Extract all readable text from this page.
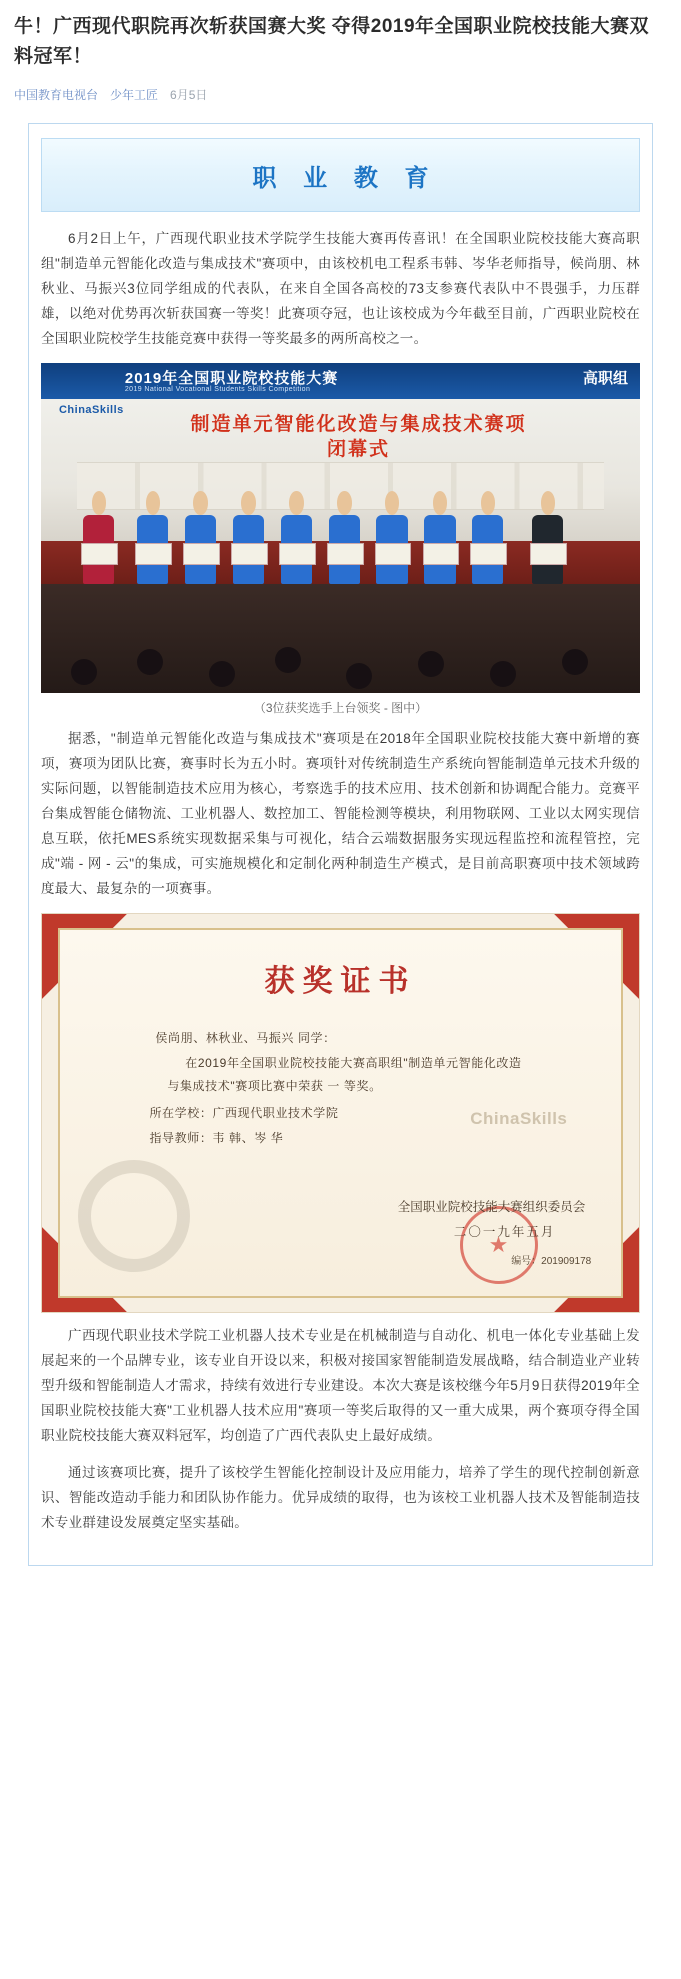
牛！广西现代职院再次斩获国赛大奖 夺得2019年全国职业院校技能大赛双料冠军！
中国教育电视台 少年工匠 6月5日
职 业 教 育

6月2日上午，广西现代职业技术学院学生技能大赛再传喜讯！在全国职业院校技能大赛高职组"制造单元智能化改造与集成技术"赛项中，由该校机电工程系韦韩、岑华老师指导，候尚朋、林秋业、马振兴3位同学组成的代表队，在来自全国各高校的73支参赛代表队中不畏强手，力压群雄，以绝对优势再次斩获国赛一等奖！此赛项夺冠，也让该校成为今年截至目前，广西职业院校在全国职业院校学生技能竞赛中获得一等奖最多的两所高校之一。

2019年全国职业院校技能大赛
2019 National Vocational Students Skills Competition
高职组
ChinaSkills
制造单元智能化改造与集成技术赛项
闭幕式
（3位获奖选手上台领奖 - 图中）

据悉，"制造单元智能化改造与集成技术"赛项是在2018年全国职业院校技能大赛中新增的赛项，赛项为团队比赛，赛事时长为五小时。赛项针对传统制造生产系统向智能制造单元技术升级的实际问题，以智能制造技术应用为核心，考察选手的技术应用、技术创新和协调配合能力。竞赛平台集成智能仓储物流、工业机器人、数控加工、智能检测等模块，利用物联网、工业以太网实现信息互联，依托MES系统实现数据采集与可视化，结合云端数据服务实现远程监控和流程管控，完成"端 - 网 - 云"的集成，可实施规模化和定制化两种制造生产模式，是目前高职赛项中技术领域跨度最大、最复杂的一项赛事。

获奖证书
侯尚朋、林秋业、马振兴 同学：
在2019年全国职业院校技能大赛高职组"制造单元智能化改造
与集成技术"赛项比赛中荣获 一 等奖。
所在学校：广西现代职业技术学院
指导教师：韦 韩、岑 华
ChinaSkills
★
全国职业院校技能大赛组织委员会
二〇一九年五月
编号：201909178

广西现代职业技术学院工业机器人技术专业是在机械制造与自动化、机电一体化专业基础上发展起来的一个品牌专业，该专业自开设以来，积极对接国家智能制造发展战略，结合制造业产业转型升级和智能制造人才需求，持续有效进行专业建设。本次大赛是该校继今年5月9日获得2019年全国职业院校技能大赛"工业机器人技术应用"赛项一等奖后取得的又一重大成果，两个赛项夺得全国职业院校技能大赛双料冠军，均创造了广西代表队史上最好成绩。

通过该赛项比赛，提升了该校学生智能化控制设计及应用能力，培养了学生的现代控制创新意识、智能改造动手能力和团队协作能力。优异成绩的取得，也为该校工业机器人技术及智能制造技术专业群建设发展奠定坚实基础。
